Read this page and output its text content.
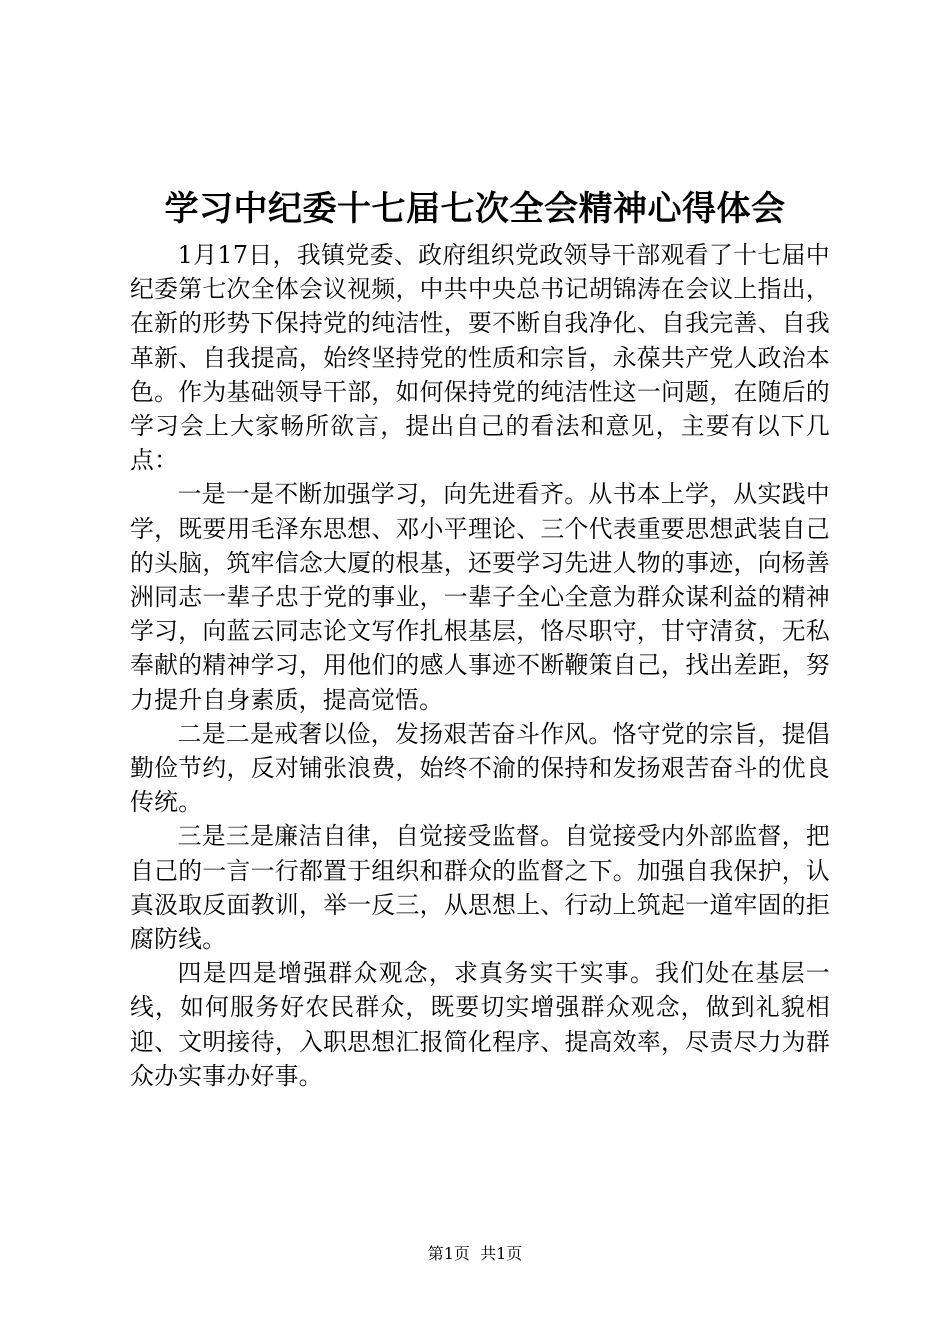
学习中纪委十七届七次全会精神心得体会

1月17日，我镇党委、政府组织党政领导干部观看了十七届中纪委第七次全体会议视频，中共中央总书记胡锦涛在会议上指出，在新的形势下保持党的纯洁性，要不断自我净化、自我完善、自我革新、自我提高，始终坚持党的性质和宗旨，永葆共产党人政治本色。作为基础领导干部，如何保持党的纯洁性这一问题，在随后的学习会上大家畅所欲言，提出自己的看法和意见，主要有以下几点：

一是一是不断加强学习，向先进看齐。从书本上学，从实践中学，既要用毛泽东思想、邓小平理论、三个代表重要思想武装自己的头脑，筑牢信念大厦的根基，还要学习先进人物的事迹，向杨善洲同志一辈子忠于党的事业，一辈子全心全意为群众谋利益的精神学习，向蓝云同志论文写作扎根基层，恪尽职守，甘守清贫，无私奉献的精神学习，用他们的感人事迹不断鞭策自己，找出差距，努力提升自身素质，提高觉悟。

二是二是戒奢以俭，发扬艰苦奋斗作风。恪守党的宗旨，提倡勤俭节约，反对铺张浪费，始终不渝的保持和发扬艰苦奋斗的优良传统。

三是三是廉洁自律，自觉接受监督。自觉接受内外部监督，把自己的一言一行都置于组织和群众的监督之下。加强自我保护，认真汲取反面教训，举一反三，从思想上、行动上筑起一道牢固的拒腐防线。

四是四是增强群众观念，求真务实干实事。我们处在基层一线，如何服务好农民群众，既要切实增强群众观念，做到礼貌相迎、文明接待，入职思想汇报简化程序、提高效率，尽责尽力为群众办实事办好事。

第1页 共1页
